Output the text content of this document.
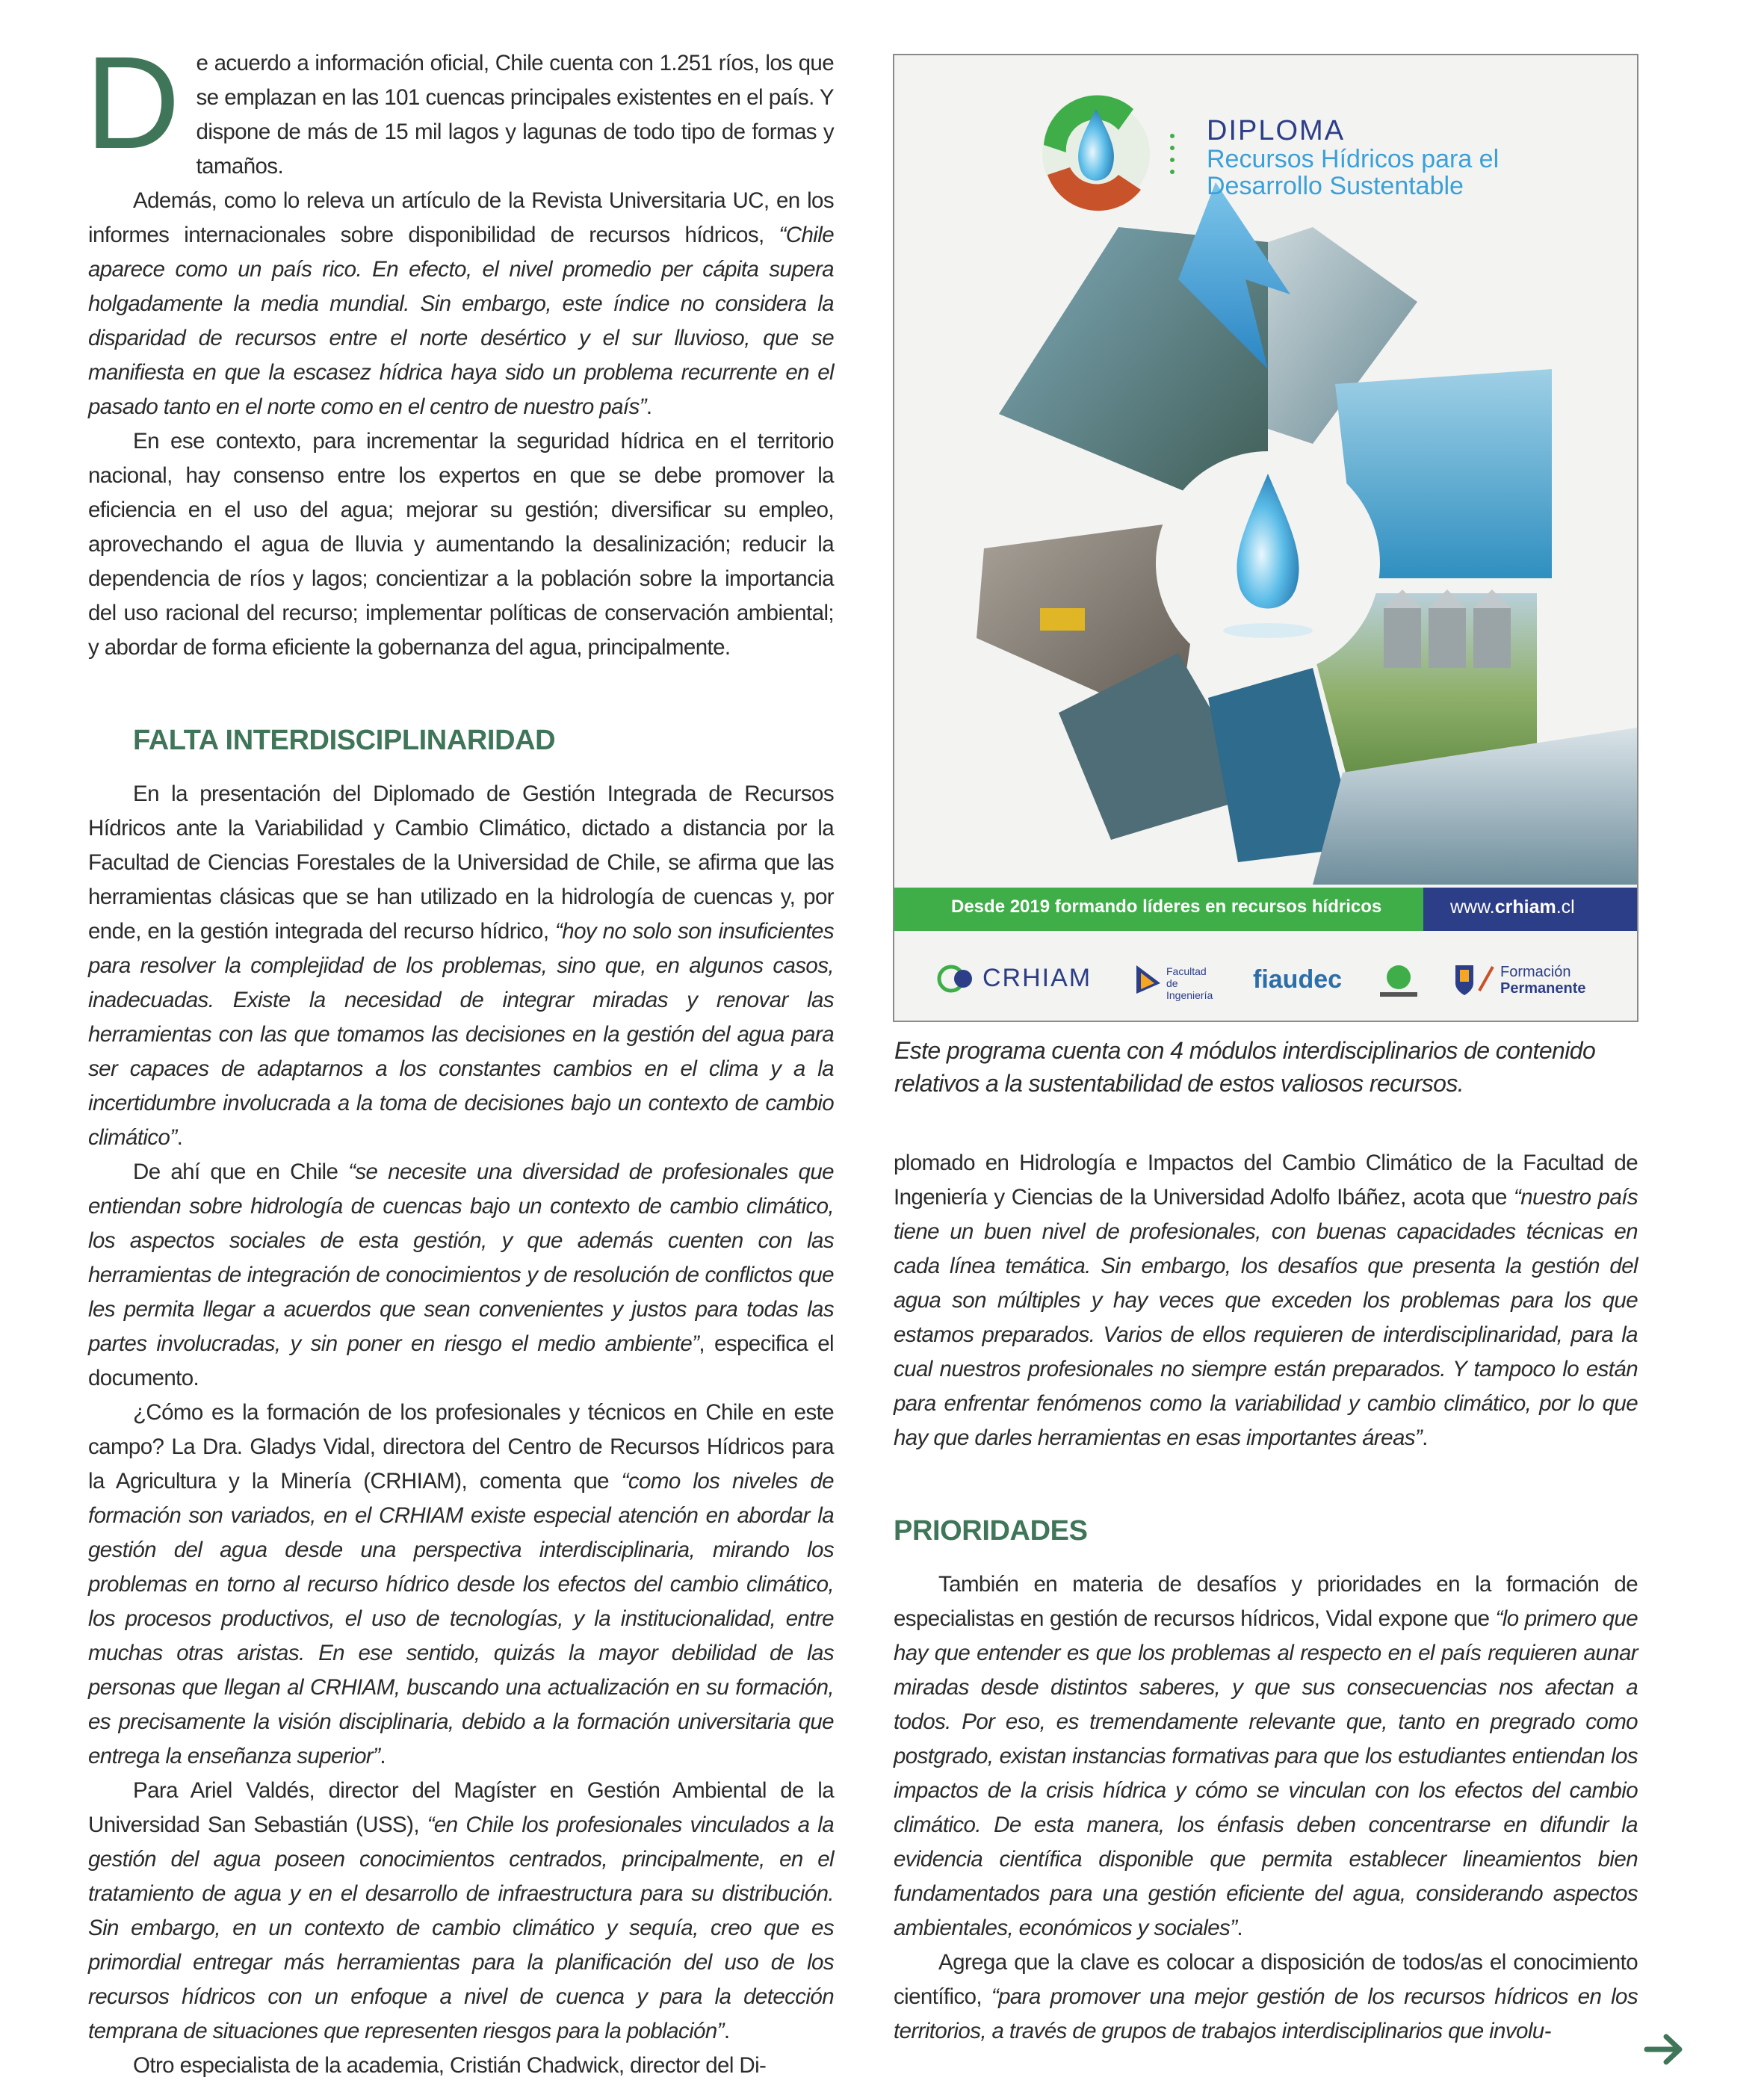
De acuerdo a información oficial, Chile cuenta con 1.251 ríos, los que se emplazan en las 101 cuencas principales existentes en el país. Y dispone de más de 15 mil lagos y lagunas de todo tipo de formas y tamaños.

Además, como lo releva un artículo de la Revista Universitaria UC, en los informes internacionales sobre disponibilidad de recursos hídricos, “Chile aparece como un país rico. En efecto, el nivel promedio per cápita supera holgadamente la media mundial. Sin embargo, este índice no considera la disparidad de recursos entre el norte desértico y el sur lluvioso, que se manifiesta en que la escasez hídrica haya sido un problema recurrente en el pasado tanto en el norte como en el centro de nuestro país”.

En ese contexto, para incrementar la seguridad hídrica en el territorio nacional, hay consenso entre los expertos en que se debe promover la eficiencia en el uso del agua; mejorar su gestión; diversificar su empleo, aprovechando el agua de lluvia y aumentando la desalinización; reducir la dependencia de ríos y lagos; concientizar a la población sobre la importancia del uso racional del recurso; implementar políticas de conservación ambiental; y abordar de forma eficiente la gobernanza del agua, principalmente.

FALTA INTERDISCIPLINARIDAD

En la presentación del Diplomado de Gestión Integrada de Recursos Hídricos ante la Variabilidad y Cambio Climático, dictado a distancia por la Facultad de Ciencias Forestales de la Universidad de Chile, se afirma que las herramientas clásicas que se han utilizado en la hidrología de cuencas y, por ende, en la gestión integrada del recurso hídrico, “hoy no solo son insuficientes para resolver la complejidad de los problemas, sino que, en algunos casos, inadecuadas. Existe la necesidad de integrar miradas y renovar las herramientas con las que tomamos las decisiones en la gestión del agua para ser capaces de adaptarnos a los constantes cambios en el clima y a la incertidumbre involucrada a la toma de decisiones bajo un contexto de cambio climático”.

De ahí que en Chile “se necesite una diversidad de profesionales que entiendan sobre hidrología de cuencas bajo un contexto de cambio climático, los aspectos sociales de esta gestión, y que además cuenten con las herramientas de integración de conocimientos y de resolución de conflictos que les permita llegar a acuerdos que sean convenientes y justos para todas las partes involucradas, y sin poner en riesgo el medio ambiente”, especifica el documento.

¿Cómo es la formación de los profesionales y técnicos en Chile en este campo? La Dra. Gladys Vidal, directora del Centro de Recursos Hídricos para la Agricultura y la Minería (CRHIAM), comenta que “como los niveles de formación son variados, en el CRHIAM existe especial atención en abordar la gestión del agua desde una perspectiva interdisciplinaria, mirando los problemas en torno al recurso hídrico desde los efectos del cambio climático, los procesos productivos, el uso de tecnologías, y la institucionalidad, entre muchas otras aristas. En ese sentido, quizás la mayor debilidad de las personas que llegan al CRHIAM, buscando una actualización en su formación, es precisamente la visión disciplinaria, debido a la formación universitaria que entrega la enseñanza superior”.

Para Ariel Valdés, director del Magíster en Gestión Ambiental de la Universidad San Sebastián (USS), “en Chile los profesionales vinculados a la gestión del agua poseen conocimientos centrados, principalmente, en el tratamiento de agua y en el desarrollo de infraestructura para su distribución. Sin embargo, en un contexto de cambio climático y sequía, creo que es primordial entregar más herramientas para la planificación del uso de los recursos hídricos con un enfoque a nivel de cuenca y para la detección temprana de situaciones que representen riesgos para la población”.

Otro especialista de la academia, Cristián Chadwick, director del Di-

DIPLOMA
Recursos Hídricos para el
Desarrollo Sustentable
Desde 2019 formando líderes en recursos hídricos	www.crhiam.cl
CRHIAM	Facultad
de Ingeniería
fiaudec	Formación
Permanente
Este programa cuenta con 4 módulos interdisciplinarios de contenido relativos a la sustentabilidad de estos valiosos recursos.

plomado en Hidrología e Impactos del Cambio Climático de la Facultad de Ingeniería y Ciencias de la Universidad Adolfo Ibáñez, acota que “nuestro país tiene un buen nivel de profesionales, con buenas capacidades técnicas en cada línea temática. Sin embargo, los desafíos que presenta la gestión del agua son múltiples y hay veces que exceden los problemas para los que estamos preparados. Varios de ellos requieren de interdisciplinaridad, para la cual nuestros profesionales no siempre están preparados. Y tampoco lo están para enfrentar fenómenos como la variabilidad y cambio climático, por lo que hay que darles herramientas en esas importantes áreas”.

PRIORIDADES

También en materia de desafíos y prioridades en la formación de especialistas en gestión de recursos hídricos, Vidal expone que “lo primero que hay que entender es que los problemas al respecto en el país requieren aunar miradas desde distintos saberes, y que sus consecuencias nos afectan a todos. Por eso, es tremendamente relevante que, tanto en pregrado como postgrado, existan instancias formativas para que los estudiantes entiendan los impactos de la crisis hídrica y cómo se vinculan con los efectos del cambio climático. De esta manera, los énfasis deben concentrarse en difundir la evidencia científica disponible que permita establecer lineamientos bien fundamentados para una gestión eficiente del agua, considerando aspectos ambientales, económicos y sociales”.

Agrega que la clave es colocar a disposición de todos/as el conocimiento científico, “para promover una mejor gestión de los recursos hídricos en los territorios, a través de grupos de trabajos interdisciplinarios que involu-
